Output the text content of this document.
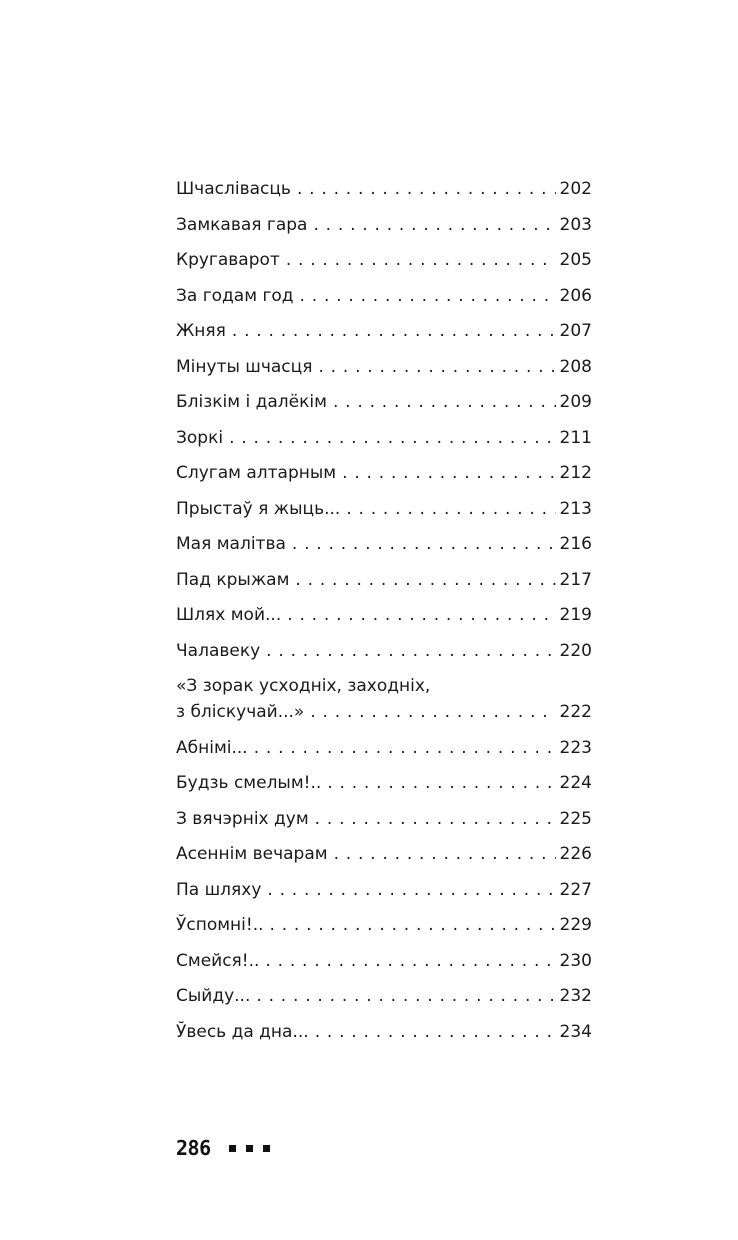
Шчаслівасць . . .	202
Замкавая гара . . .	203
Кругаварот . . .	205
За годам год . . .	206
Жняя . . .	207
Мінуты шчасця . . .	208
Блізкім і далёкім . . .	209
Зоркі . . .	211
Слугам алтарным . . .	212
Прыстаў я жыць... . . .	213
Мая малітва . . .	216
Пад крыжам . . .	217
Шлях мой... . . .	219
Чалавеку . . .	220
«З зорак усходніх, заходніх,
з бліскучай...» . . .	222
Абнімі... . . .	223
Будзь смелым!.. . . .	224
З вячэрніх дум . . .	225
Асеннім вечарам . . .	226
Па шляху . . .	227
Ўспомні!.. . . .	229
Смейся!.. . . .	230
Сыйду... . . .	232
Ўвесь да дна... . . .	234
286
